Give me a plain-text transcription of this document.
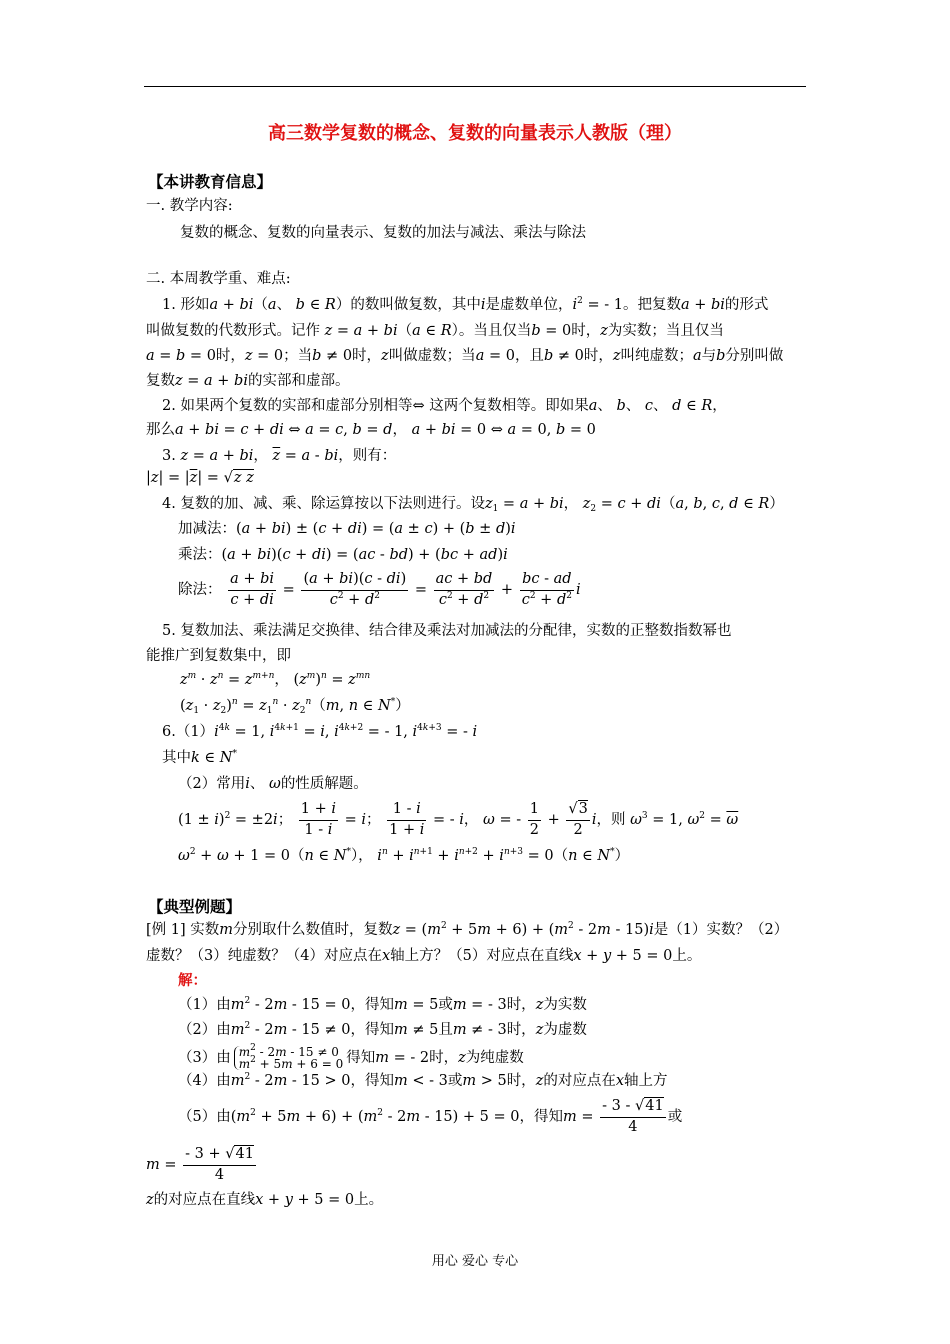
高三数学复数的概念、复数的向量表示人教版（理）
【本讲教育信息】
一. 教学内容:
复数的概念、复数的向量表示、复数的加法与减法、乘法与除法
二. 本周教学重、难点:
1. 形如a + bi（a、 b ∈ R）的数叫做复数，其中i是虚数单位，$i^2$ = - 1。把复数a + bi的形式
叫做复数的代数形式。记作 z = a + bi（a ∈ R）。当且仅当b = 0时，z为实数；当且仅当
a = b = 0时，z = 0；当b ≠ 0时，z叫做虚数；当a = 0，且b ≠ 0时，z叫纯虚数；a与b分别叫做
复数z = a + bi的实部和虚部。
2. 如果两个复数的实部和虚部分别相等⇔ 这两个复数相等。即如果a、 b、 c、 d ∈ R，
那么a + bi = c + di ⇔ a = c, b = d， a + bi = 0 ⇔ a = 0, b = 0
3. z = a + bi， $\overline{z} = a$ - bi，则有：
$|z| = |\overline{z}| = √z$ $\overline{z}$
4. 复数的加、减、乘、除运算按以下法则进行。设$z_1 = a$ + bi， $z_2 = c + di(a$, b, c, d ∈ R）
加减法：(a + bi) ± (c + di) = (a ± c) + (b ± d)i
乘法：(a + bi)(c + di) = (ac - bd) + (bc + ad)i
除法： $\frac{a + bi}{c + di} = \frac{(a + bi)(c - di)}{c^2 + d^2} = \frac{ac + bd}{c^2 + d^2} + \frac{bc - ad}{c^2 + d^2}$ i
5. 复数加法、乘法满足交换律、结合律及乘法对加减法的分配律，实数的正整数指数幂也
能推广到复数集中，即
$z^m \cdot z^n = z^{m+n}$， $(z^m)^n = z^{mn}$
$(z_1 \cdot z_2)^n = z_1^n \cdot z_2^n(m$, n ∈ N*）
$6.(1)i^{4k} = 1$, $i^{4k+1} = i$, $i^{4k+2}$ = - 1, $i^{4k+3}$ = - i
其中k ∈ N*
（2）常用i、 ω的性质解题。
$(1 \pm i)^2 = \pm 2i$； $\frac{1 + i}{1 - i} = i$； $\frac{1 - i}{1 + i}$ = - i， ω = - $\frac{1}{2} + \frac{√3}{2}$ i，则 $\omega^3 = 1$, $\omega^2 = \overline{\omega}$
$\omega^2 + \omega + 1 = 0(n$ ∈ N*）， $i^n + i^{n+1} + i^{n+2} + i^{n+3} = 0(n$ ∈ N*）
【典型例题】
[例 1] 实数m分别取什么数值时，复数$z = (m^2 + 5m + 6) + (m^2 - 2m - 15)i$是（1）实数？（2）
虚数？（3）纯虚数？（4）对应点在x轴上方？（5）对应点在直线x + y + 5 = 0上。
解：
（1）由$m^2 - 2m - 15 = 0$，得知m = 5或m = - 3时，z为实数
（2）由$m^2 - 2m - 15 \ne 0$，得知m ≠ 5且m ≠ - 3时，z为虚数
（3）由 $m^2 - 2m - 15 \ne 0$
$m^2 + 5m + 6 = 0$ 得知m = - 2时，z为纯虚数
（4）由$m^2 - 2m - 15 > 0$，得知m < - 3或m > 5时，z的对应点在x轴上方
（5）由$(m^2 + 5m + 6) + (m^2 - 2m - 15) + 5 = 0$，得知$m = \frac{- 3 - √41}{4}$ 或
$m = \frac{- 3 + √41}{4}$
z的对应点在直线x + y + 5 = 0上。
用心 爱心 专心
